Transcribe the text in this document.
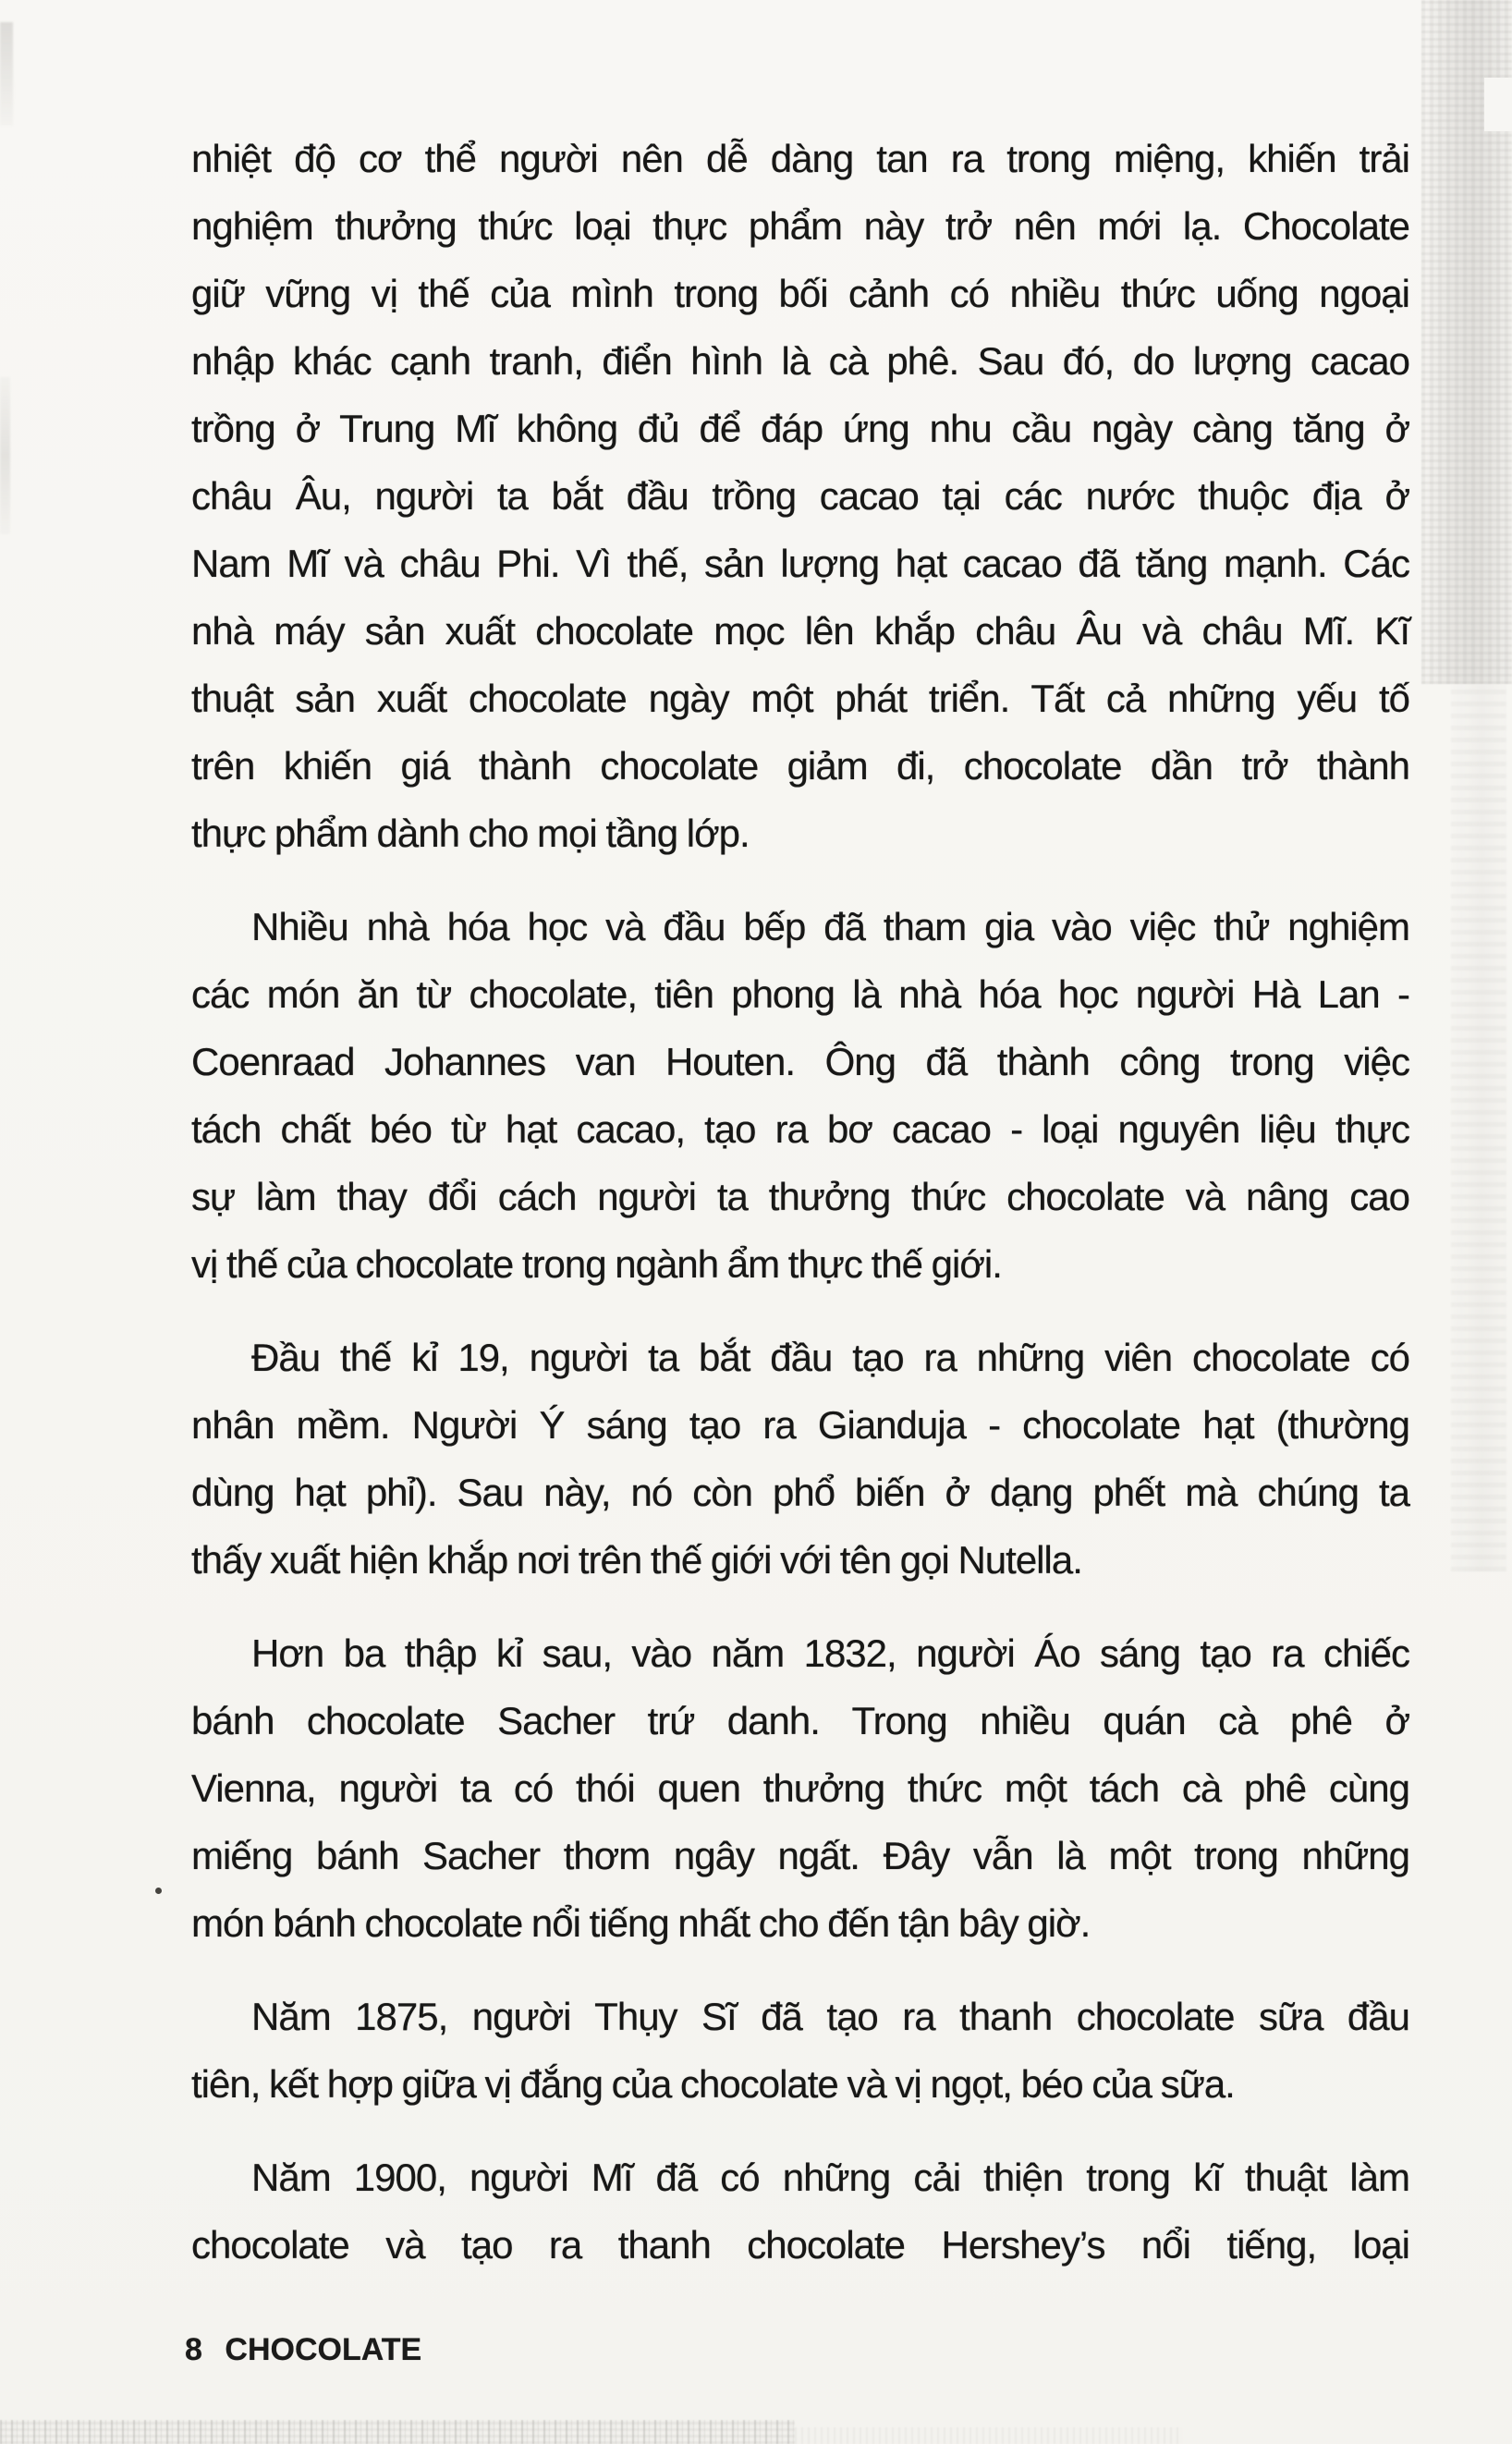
nhiệt độ cơ thể người nên dễ dàng tan ra trong miệng, khiến trải
nghiệm thưởng thức loại thực phẩm này trở nên mới lạ. Chocolate
giữ vững vị thế của mình trong bối cảnh có nhiều thức uống ngoại
nhập khác cạnh tranh, điển hình là cà phê. Sau đó, do lượng cacao
trồng ở Trung Mĩ không đủ để đáp ứng nhu cầu ngày càng tăng ở
châu Âu, người ta bắt đầu trồng cacao tại các nước thuộc địa ở
Nam Mĩ và châu Phi. Vì thế, sản lượng hạt cacao đã tăng mạnh. Các
nhà máy sản xuất chocolate mọc lên khắp châu Âu và châu Mĩ. Kĩ
thuật sản xuất chocolate ngày một phát triển. Tất cả những yếu tố
trên khiến giá thành chocolate giảm đi, chocolate dần trở thành
thực phẩm dành cho mọi tầng lớp.
Nhiều nhà hóa học và đầu bếp đã tham gia vào việc thử nghiệm
các món ăn từ chocolate, tiên phong là nhà hóa học người Hà Lan -
Coenraad Johannes van Houten. Ông đã thành công trong việc
tách chất béo từ hạt cacao, tạo ra bơ cacao - loại nguyên liệu thực
sự làm thay đổi cách người ta thưởng thức chocolate và nâng cao
vị thế của chocolate trong ngành ẩm thực thế giới.
Đầu thế kỉ 19, người ta bắt đầu tạo ra những viên chocolate có
nhân mềm. Người Ý sáng tạo ra Gianduja - chocolate hạt (thường
dùng hạt phỉ). Sau này, nó còn phổ biến ở dạng phết mà chúng ta
thấy xuất hiện khắp nơi trên thế giới với tên gọi Nutella.
Hơn ba thập kỉ sau, vào năm 1832, người Áo sáng tạo ra chiếc
bánh chocolate Sacher trứ danh. Trong nhiều quán cà phê ở
Vienna, người ta có thói quen thưởng thức một tách cà phê cùng
miếng bánh Sacher thơm ngây ngất. Đây vẫn là một trong những
món bánh chocolate nổi tiếng nhất cho đến tận bây giờ.
Năm 1875, người Thụy Sĩ đã tạo ra thanh chocolate sữa đầu
tiên, kết hợp giữa vị đắng của chocolate và vị ngọt, béo của sữa.
Năm 1900, người Mĩ đã có những cải thiện trong kĩ thuật làm
chocolate và tạo ra thanh chocolate Hershey’s nổi tiếng, loại
8 CHOCOLATE
